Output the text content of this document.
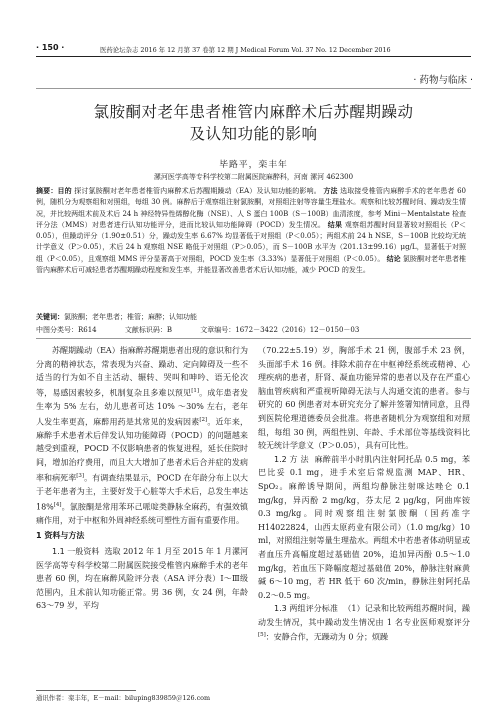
· 150 ·	医药论坛杂志 2016 年 12 月第 37 卷第 12 期 J Medical Forum Vol. 37 No. 12 December 2016
· 药物与临床 ·
氯胺酮对老年患者椎管内麻醉术后苏醒期躁动
及认知功能的影响
毕路平，栾丰年
漯河医学高等专科学校第二附属医院麻醉科，河南 漯河 462300
摘要：目的 探讨氯胺酮对老年患者椎管内麻醉术后苏醒期躁动（EA）及认知功能的影响。 方法 选取接受椎管内麻醉手术的老年患者 60 例，随机分为观察组和对照组，每组 30 例。麻醉后于观察组注射氯胺酮，对照组注射等容量生理盐水。观察和比较苏醒时间、躁动发生情况，并比较两组术前及术后 24 h 神经特异性烯醇化酶（NSE）、人 S 蛋白 100B（S－100B）血清浓度，参考 Mini－Mentalstate 检查评分法（MMS）对患者进行认知功能评分，进而比较认知功能障碍（POCD）发生情况。 结果 观察组苏醒时间显著较对照组长（P＜0.05），但躁动评分（1.90±0.51）分，躁动发生率 6.67% 均显著低于对照组（P＜0.05）；两组术前 24 h NSE，S－100B 比较均无统计学意义（P＞0.05），术后 24 h 观察组 NSE 略低于对照组（P＞0.05），而 S－100B 水平为（201.13±99.16）μg/L，显著低于对照组（P＜0.05），且观察组 MMS 评分显著高于对照组，POCD 发生率（3.33%）显著低于对照组（P＜0.05）。 结论 氯胺酮对老年患者椎管内麻醉术后可减轻患者苏醒期躁动程度和发生率，并能显著改善患者术后认知功能，减少 POCD 的发生。
关键词：氯胺酮；老年患者；椎管；麻醉；认知功能
中图分类号：R614	文献标识码：B	文章编号：1672－3422（2016）12－0150－03

苏醒期躁动（EA）指麻醉苏醒期患者出现的意识和行为分离的精神状态，常表现为兴奋、躁动、定向障碍及一些不适当的行为如不自主活动、辗转、哭叫和呻吟、语无伦次等，易感因素较多，机制复杂且多难以预见[1]。成年患者发生率为 5% 左右，幼儿患者可达 10% ～30% 左右，老年人发生率更高，麻醉用药是其常见的发病因素[2]。近年来，麻醉手术患者术后伴发认知功能障碍（POCD）的问题越来越受到重视，POCD 不仅影响患者的恢复进程，延长住院时间，增加治疗费用，而且大大增加了患者术后合并症的发病率和病死率[3]。有调查结果显示，POCD 在年龄分布上以大于老年患者为主，主要好发于心脏等大手术后，总发生率达 18%[4]。氯胺酮是常用苯环己哌啶类静脉全麻药，有强效镇痛作用，对于中枢和外周神经系统可塑性方面有重要作用。

1 资料与方法

1.1 一般资料 选取 2012 年 1 月至 2015 年 1 月漯河医学高等专科学校第二附属医院接受椎管内麻醉手术的老年患者 60 例，均在麻醉风险评分表（ASA 评分表）I～Ⅲ级范围内，且术前认知功能正常。男 36 例，女 24 例，年龄 63～79 岁，平均

（70.22±5.19）岁，胸部手术 21 例，腹部手术 23 例，头面部手术 16 例。排除术前存在中枢神经系统或精神、心理疾病的患者，肝肾、凝血功能异常的患者以及存在严重心脑血管疾病和严重视听障碍无法与人沟通交流的患者。参与研究的 60 例患者对本研究充分了解并签署知情同意，且得到医院伦理道德委员会批准。将患者随机分为观察组和对照组，每组 30 例，两组性别、年龄、手术部位等基线资料比较无统计学意义（P＞0.05），具有可比性。

1.2 方 法 麻醉前半小时肌内注射阿托品 0.5 mg，苯巴比妥 0.1 mg，进手术室后常规监测 MAP、HR、SpO₂。麻醉诱导期间，两组均静脉注射咪达唑仑 0.1 mg/kg，异丙酚 2 mg/kg，芬太尼 2 μg/kg，阿曲库铵 0.3 mg/kg。同时观察组注射氯胺酮（国药准字 H14022824，山西太原药业有限公司）（1.0 mg/kg）10 ml，对照组注射等量生理盐水。两组术中若患者体动明显或者血压升高幅度超过基础值 20%，追加异丙酚 0.5～1.0 mg/kg，若血压下降幅度超过基础值 20%，静脉注射麻黄碱 6～10 mg，若 HR 低于 60 次/min，静脉注射阿托品 0.2～0.5 mg。

1.3 两组评分标准 （1）记录和比较两组苏醒时间，躁动发生情况，其中躁动发生情况由 1 名专业医师观察评分[5]：安静合作，无躁动为 0 分；烦躁

通讯作者：栾丰年，E－mail：biluping839859＠126.com
